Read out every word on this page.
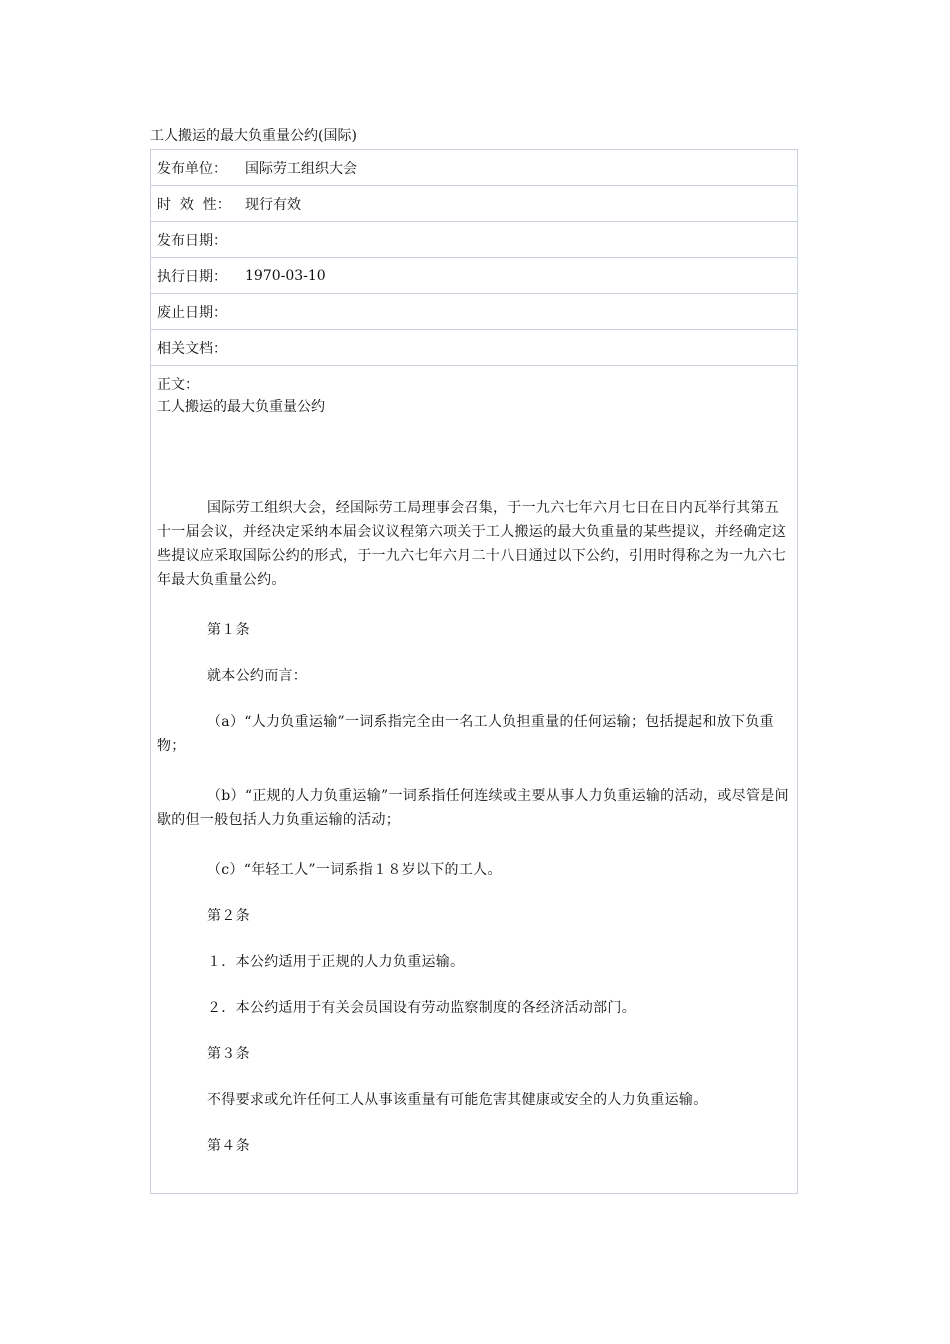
工人搬运的最大负重量公约(国际)
发布单位：	国际劳工组织大会
时  效  性：	现行有效
发布日期：
执行日期：	1970-03-10
废止日期：
相关文档：
正文：
工人搬运的最大负重量公约

国际劳工组织大会，经国际劳工局理事会召集，于一九六七年六月七日在日内瓦举行其第五十一届会议，并经决定采纳本届会议议程第六项关于工人搬运的最大负重量的某些提议，并经确定这些提议应采取国际公约的形式，于一九六七年六月二十八日通过以下公约，引用时得称之为一九六七年最大负重量公约。

第１条

就本公约而言：

（a）“人力负重运输”一词系指完全由一名工人负担重量的任何运输；包括提起和放下负重物；

（b）“正规的人力负重运输”一词系指任何连续或主要从事人力负重运输的活动，或尽管是间歇的但一般包括人力负重运输的活动；

（c）“年轻工人”一词系指１８岁以下的工人。

第２条

１．本公约适用于正规的人力负重运输。

２．本公约适用于有关会员国设有劳动监察制度的各经济活动部门。

第３条

不得要求或允许任何工人从事该重量有可能危害其健康或安全的人力负重运输。

第４条
